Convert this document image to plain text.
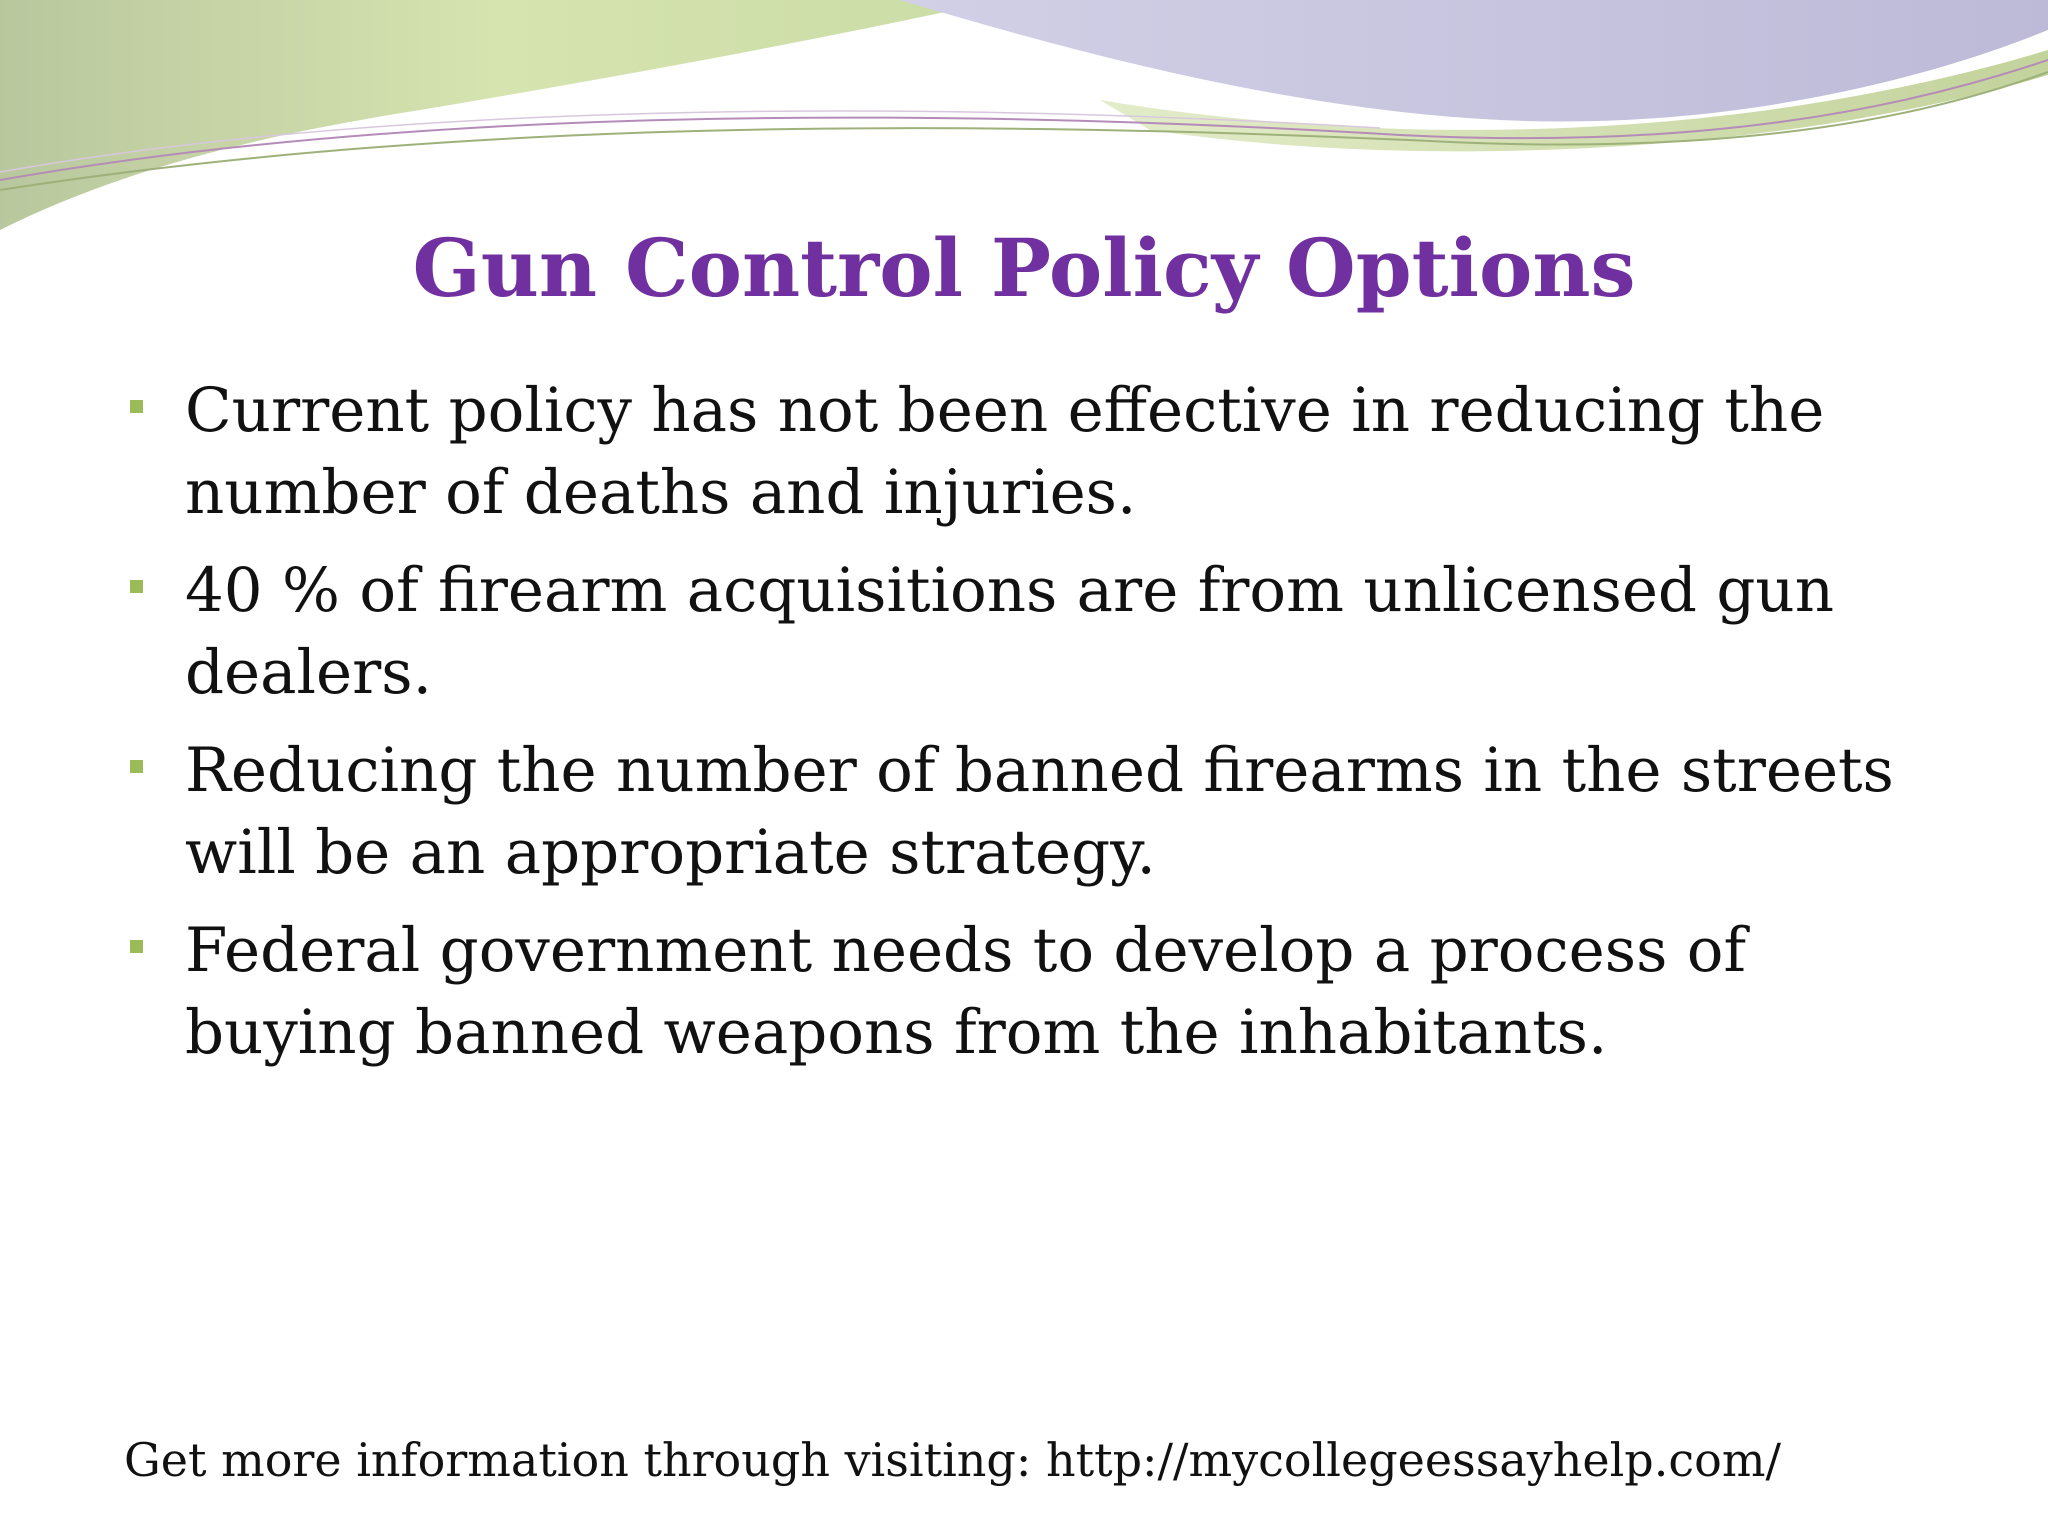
Gun Control Policy Options
Current policy has not been effective in reducing the number of deaths and injuries.
40 % of firearm acquisitions are from unlicensed gun dealers.
Reducing the number of banned firearms in the streets will be an appropriate strategy.
Federal government needs to develop a process of buying banned weapons from the inhabitants.
Get more information through visiting: http://mycollegeessayhelp.com/
